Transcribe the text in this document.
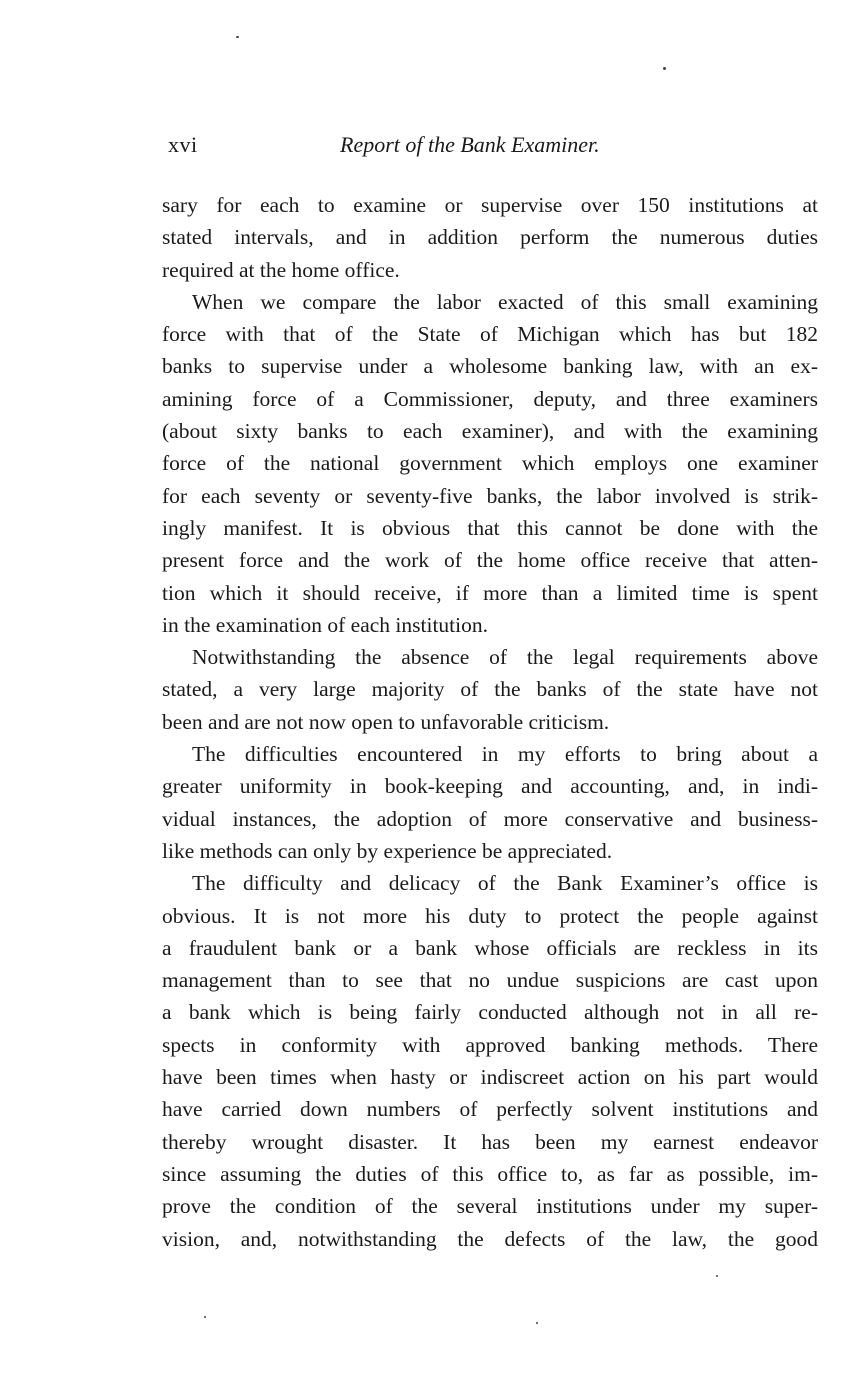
xvi	Report of the Bank Examiner.
sary for each to examine or supervise over 150 institutions at
stated intervals, and in addition perform the numerous duties
required at the home office.
When we compare the labor exacted of this small examining
force with that of the State of Michigan which has but 182
banks to supervise under a wholesome banking law, with an ex-
amining force of a Commissioner, deputy, and three examiners
(about sixty banks to each examiner), and with the examining
force of the national government which employs one examiner
for each seventy or seventy-five banks, the labor involved is strik-
ingly manifest. It is obvious that this cannot be done with the
present force and the work of the home office receive that atten-
tion which it should receive, if more than a limited time is spent
in the examination of each institution.
Notwithstanding the absence of the legal requirements above
stated, a very large majority of the banks of the state have not
been and are not now open to unfavorable criticism.
The difficulties encountered in my efforts to bring about a
greater uniformity in book-keeping and accounting, and, in indi-
vidual instances, the adoption of more conservative and business-
like methods can only by experience be appreciated.
The difficulty and delicacy of the Bank Examiner’s office is
obvious. It is not more his duty to protect the people against
a fraudulent bank or a bank whose officials are reckless in its
management than to see that no undue suspicions are cast upon
a bank which is being fairly conducted although not in all re-
spects in conformity with approved banking methods. There
have been times when hasty or indiscreet action on his part would
have carried down numbers of perfectly solvent institutions and
thereby wrought disaster. It has been my earnest endeavor
since assuming the duties of this office to, as far as possible, im-
prove the condition of the several institutions under my super-
vision, and, notwithstanding the defects of the law, the good
